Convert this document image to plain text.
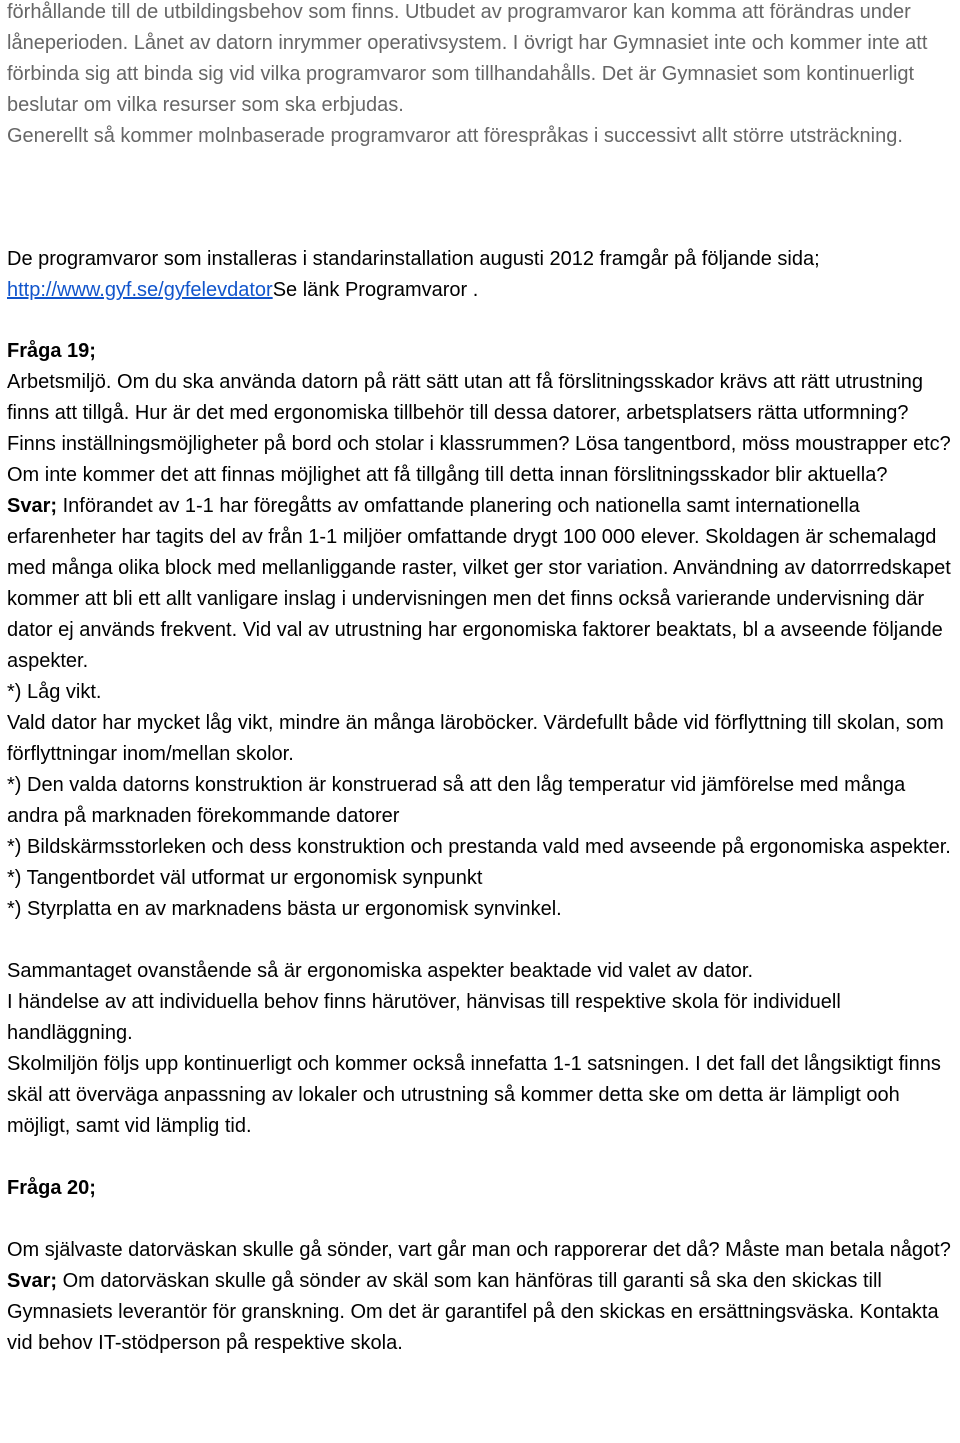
förhållande till de utbildingsbehov som finns. Utbudet av programvaror kan komma att förändras under låneperioden. Lånet av datorn inrymmer operativsystem. I övrigt har Gymnasiet inte och kommer inte att förbinda sig att binda sig vid vilka programvaror som tillhandahålls. Det är Gymnasiet som kontinuerligt beslutar om vilka resurser som ska erbjudas.

Generellt så kommer molnbaserade programvaror att förespråkas i successivt allt större utsträckning.

De programvaror som installeras i standarinstallation augusti 2012 framgår på följande sida;

http://www.gyf.se/gyfelevdatorSe länk Programvaror .

Fråga 19;

Arbetsmiljö. Om du ska använda datorn på rätt sätt utan att få förslitningsskador krävs att rätt utrustning finns att tillgå. Hur är det med ergonomiska tillbehör till dessa datorer, arbetsplatsers rätta utformning? Finns inställningsmöjligheter på bord och stolar i klassrummen? Lösa tangentbord, möss moustrapper etc? Om inte kommer det att finnas möjlighet att få tillgång till detta innan förslitningsskador blir aktuella?

Svar; Införandet av 1-1 har föregåtts av omfattande planering och nationella samt internationella erfarenheter har tagits del av från 1-1 miljöer omfattande drygt 100 000 elever. Skoldagen är schemalagd med många olika block med mellanliggande raster, vilket ger stor variation. Användning av datorrredskapet kommer att bli ett allt vanligare inslag i undervisningen men det finns också varierande undervisning där dator ej används frekvent. Vid val av utrustning har ergonomiska faktorer beaktats, bl a avseende följande aspekter.

*) Låg vikt.

Vald dator har mycket låg vikt, mindre än många läroböcker. Värdefullt både vid förflyttning till skolan, som förflyttningar inom/mellan skolor.

*) Den valda datorns konstruktion är konstruerad så att den låg temperatur vid jämförelse med många andra på marknaden förekommande datorer

*) Bildskärmsstorleken och dess konstruktion och prestanda vald med avseende på ergonomiska aspekter.

*) Tangentbordet väl utformat ur ergonomisk synpunkt

*) Styrplatta en av marknadens bästa ur ergonomisk synvinkel.

Sammantaget ovanstående så är ergonomiska aspekter beaktade vid valet av dator.

I händelse av att individuella behov finns härutöver, hänvisas till respektive skola för individuell handläggning.

Skolmiljön följs upp kontinuerligt och kommer också innefatta 1-1 satsningen. I det fall det långsiktigt finns skäl att överväga anpassning av lokaler och utrustning så kommer detta ske om detta är lämpligt ooh möjligt, samt vid lämplig tid.

Fråga 20;

Om självaste datorväskan skulle gå sönder, vart går man och rapporerar det då? Måste man betala något?

Svar; Om datorväskan skulle gå sönder av skäl som kan hänföras till garanti så ska den skickas till Gymnasiets leverantör för granskning. Om det är garantifel på den skickas en ersättningsväska. Kontakta vid behov IT-stödperson på respektive skola.
